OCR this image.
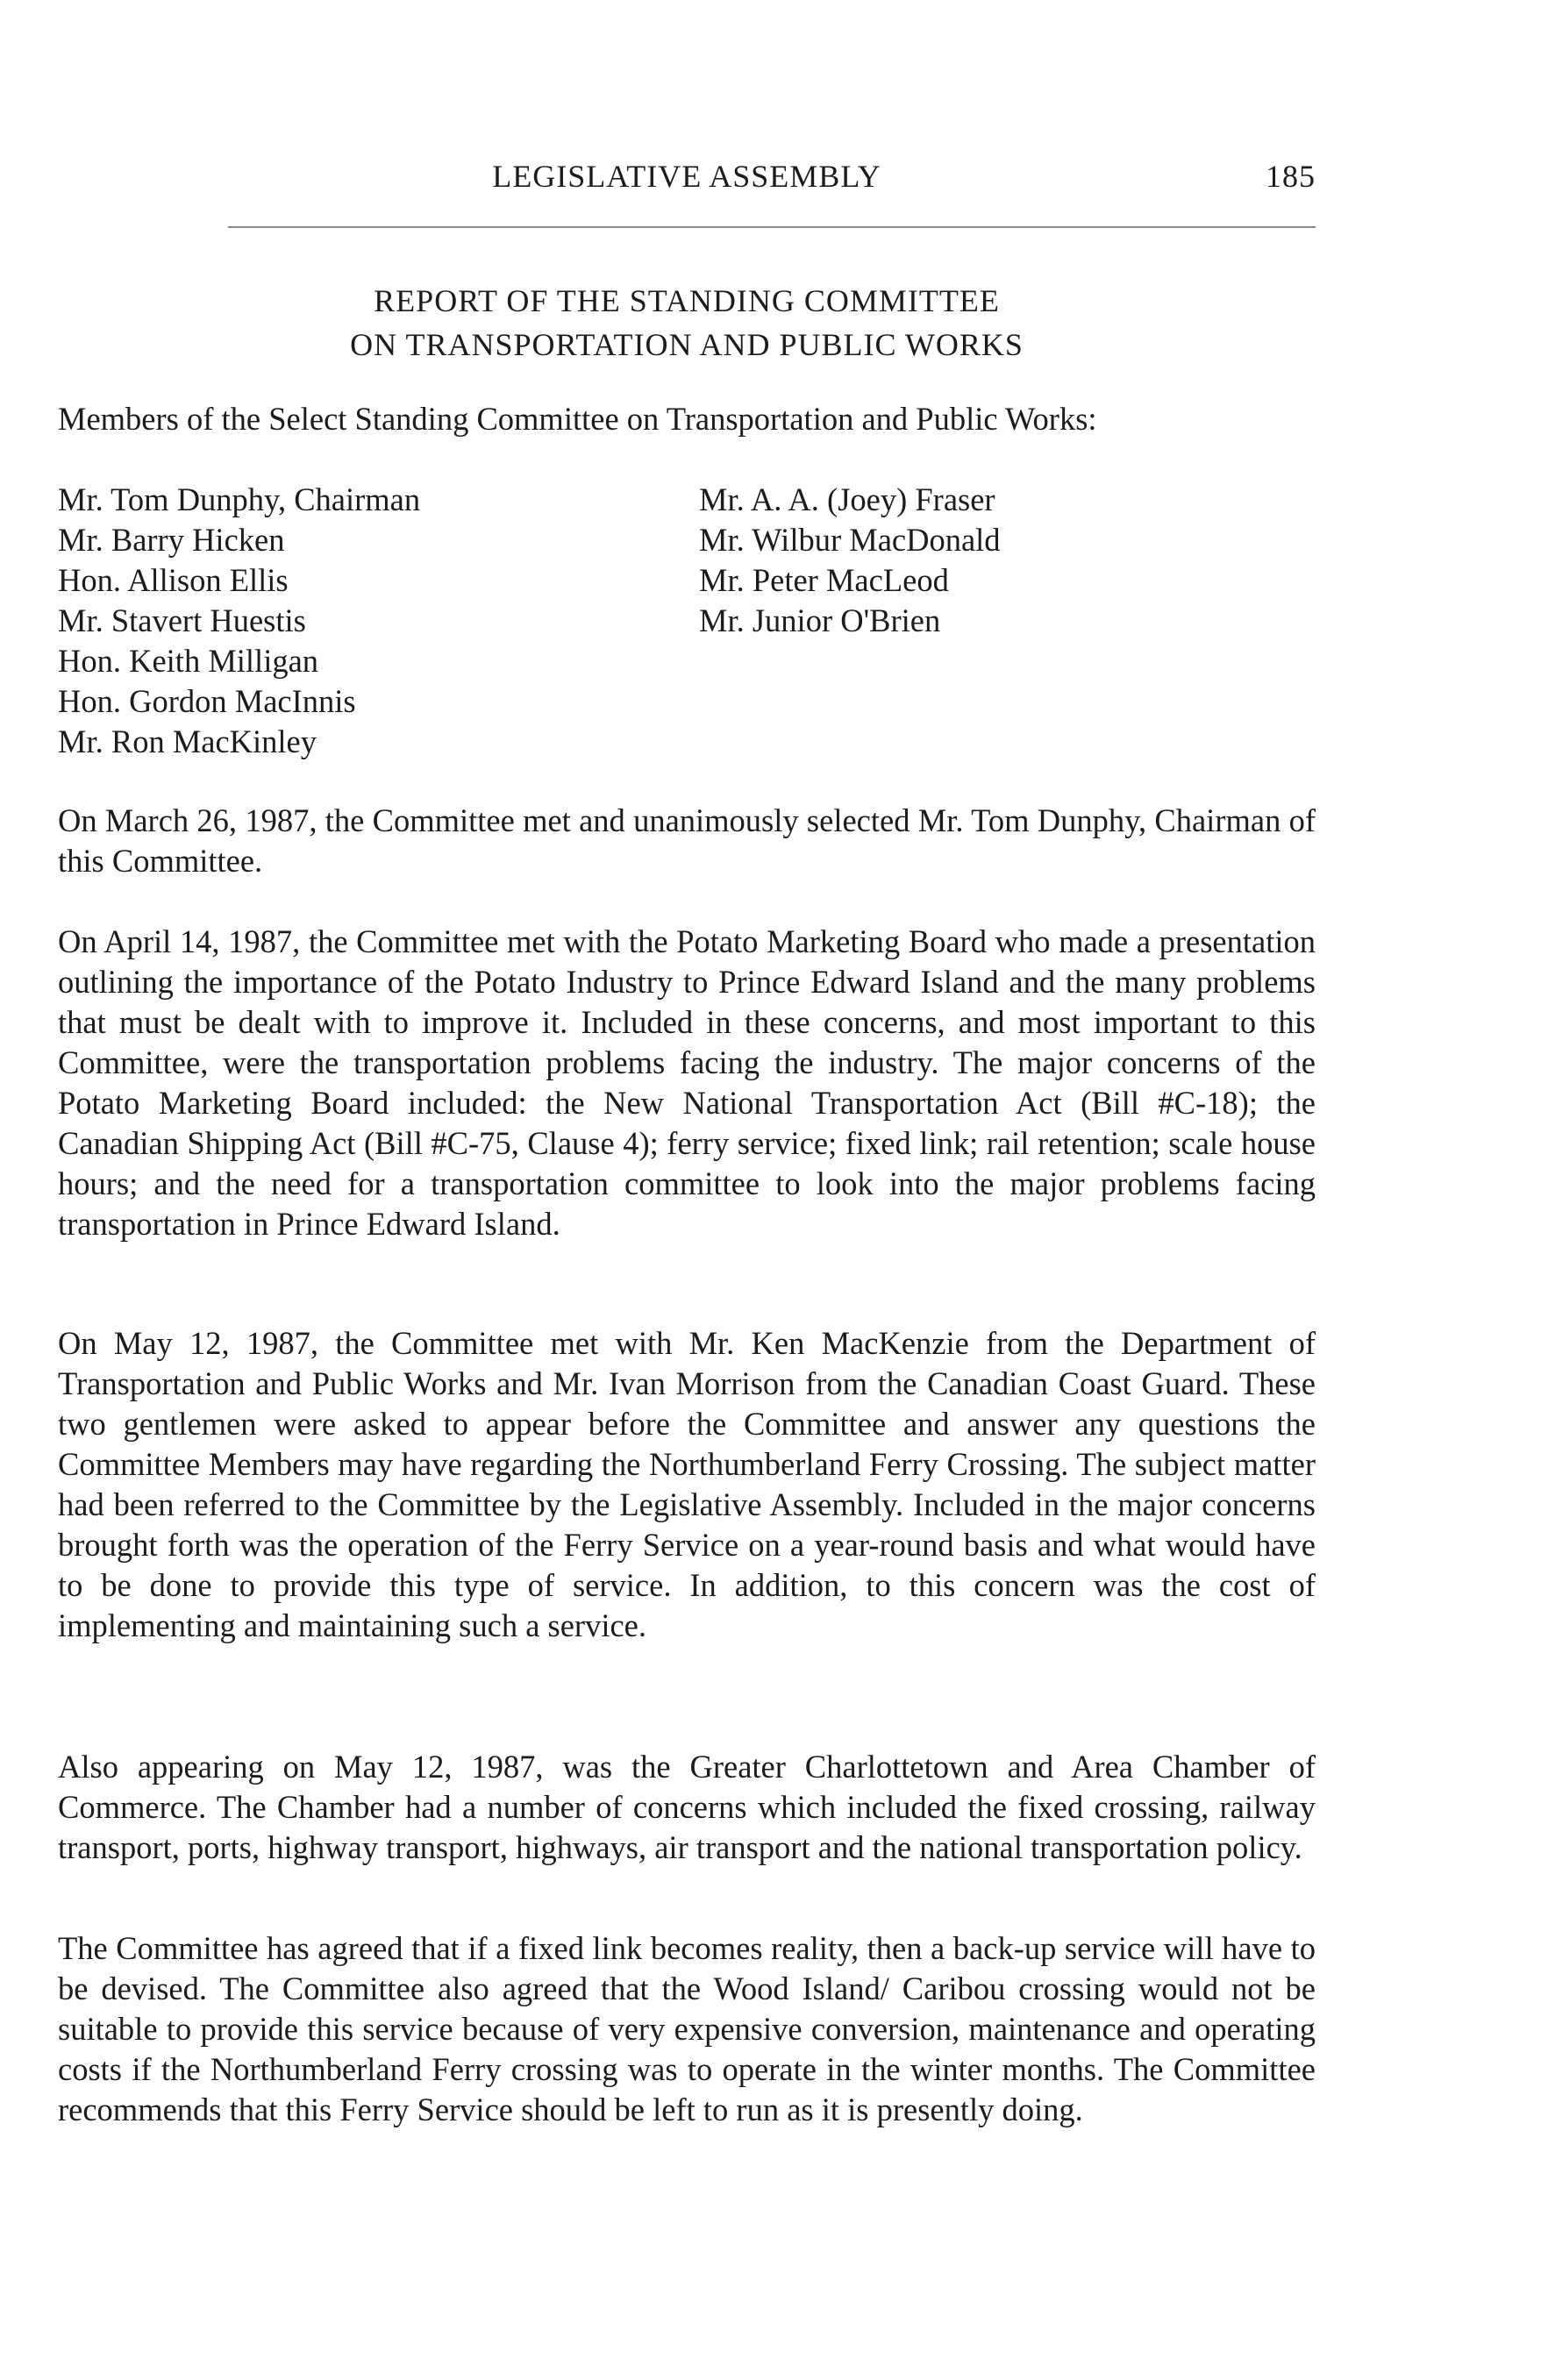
LEGISLATIVE ASSEMBLY	185
REPORT OF THE STANDING COMMITTEE
ON TRANSPORTATION AND PUBLIC WORKS
Members of the Select Standing Committee on Transportation and Public Works:
Mr. Tom Dunphy, Chairman
Mr. Barry Hicken
Hon. Allison Ellis
Mr. Stavert Huestis
Hon. Keith Milligan
Hon. Gordon MacInnis
Mr. Ron MacKinley
Mr. A. A. (Joey) Fraser
Mr. Wilbur MacDonald
Mr. Peter MacLeod
Mr. Junior O'Brien
On March 26, 1987, the Committee met and unanimously selected Mr. Tom Dunphy, Chairman of this Committee.
On April 14, 1987, the Committee met with the Potato Marketing Board who made a presentation outlining the importance of the Potato Industry to Prince Edward Island and the many problems that must be dealt with to improve it. Included in these concerns, and most important to this Committee, were the transportation problems facing the industry. The major concerns of the Potato Marketing Board included: the New National Transportation Act (Bill #C-18); the Canadian Shipping Act (Bill #C-75, Clause 4); ferry service; fixed link; rail retention; scale house hours; and the need for a transportation committee to look into the major problems facing transportation in Prince Edward Island.
On May 12, 1987, the Committee met with Mr. Ken MacKenzie from the Department of Transportation and Public Works and Mr. Ivan Morrison from the Canadian Coast Guard. These two gentlemen were asked to appear before the Committee and answer any questions the Committee Members may have regarding the Northumberland Ferry Crossing. The subject matter had been referred to the Committee by the Legislative Assembly. Included in the major concerns brought forth was the operation of the Ferry Service on a year-round basis and what would have to be done to provide this type of service. In addition, to this concern was the cost of implementing and maintaining such a service.
Also appearing on May 12, 1987, was the Greater Charlottetown and Area Chamber of Commerce. The Chamber had a number of concerns which included the fixed crossing, railway transport, ports, highway transport, highways, air transport and the national transportation policy.
The Committee has agreed that if a fixed link becomes reality, then a back-up service will have to be devised. The Committee also agreed that the Wood Island/ Caribou crossing would not be suitable to provide this service because of very expensive conversion, maintenance and operating costs if the Northumberland Ferry crossing was to operate in the winter months. The Committee recommends that this Ferry Service should be left to run as it is presently doing.
